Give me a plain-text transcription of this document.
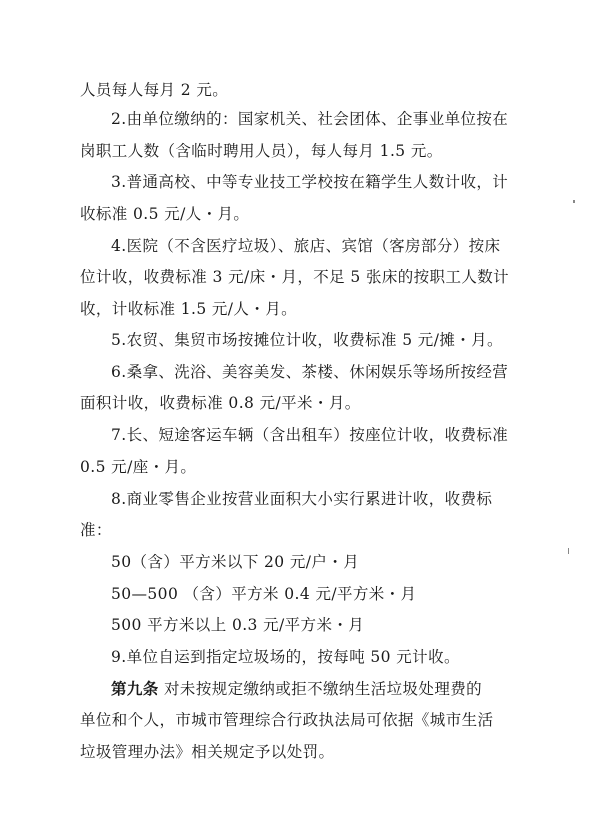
人员每人每月 2 元。
2.由单位缴纳的：国家机关、社会团体、企事业单位按在
岗职工人数（含临时聘用人员），每人每月 1.5 元。
3.普通高校、中等专业技工学校按在籍学生人数计收，计
收标准 0.5 元/人・月。
4.医院（不含医疗垃圾）、旅店、宾馆（客房部分）按床
位计收，收费标准 3 元/床・月，不足 5 张床的按职工人数计
收，计收标准 1.5 元/人・月。
5.农贸、集贸市场按摊位计收，收费标准 5 元/摊・月。
6.桑拿、洗浴、美容美发、茶楼、休闲娱乐等场所按经营
面积计收，收费标准 0.8 元/平米・月。
7.长、短途客运车辆（含出租车）按座位计收，收费标准
0.5 元/座・月。
8.商业零售企业按营业面积大小实行累进计收，收费标
准：
50（含）平方米以下 20 元/户・月
50—500 （含）平方米 0.4 元/平方米・月
500 平方米以上 0.3 元/平方米・月
9.单位自运到指定垃圾场的，按每吨 50 元计收。
第九条 对未按规定缴纳或拒不缴纳生活垃圾处理费的
单位和个人，市城市管理综合行政执法局可依据《城市生活
垃圾管理办法》相关规定予以处罚。
